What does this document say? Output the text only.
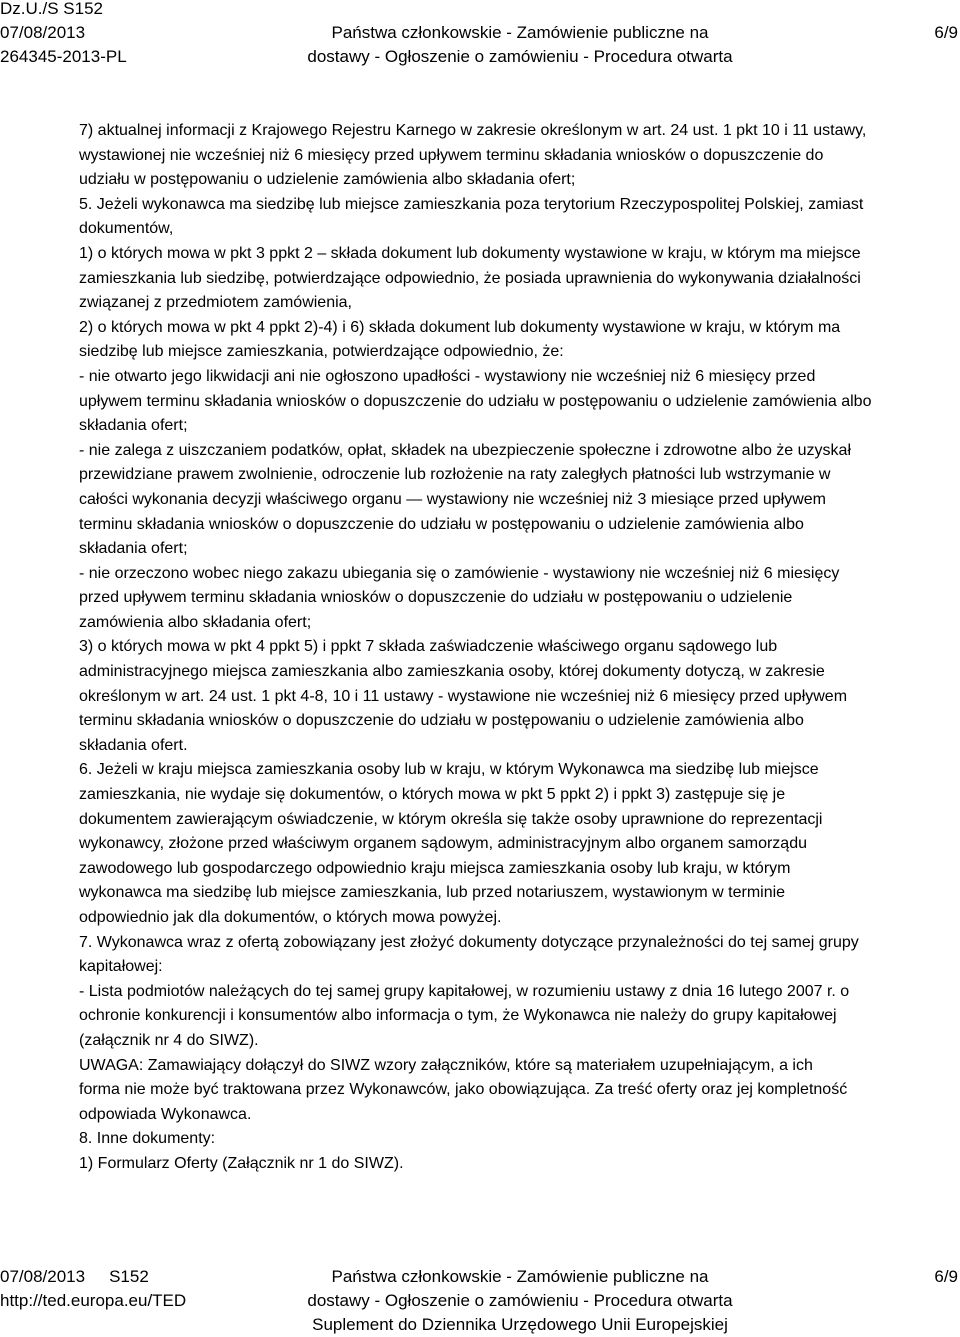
Dz.U./S S152
07/08/2013
264345-2013-PL
Państwa członkowskie - Zamówienie publiczne na
dostawy - Ogłoszenie o zamówieniu - Procedura otwarta
6/9

7) aktualnej informacji z Krajowego Rejestru Karnego w zakresie określonym w art. 24 ust. 1 pkt 10 i 11 ustawy,

wystawionej nie wcześniej niż 6 miesięcy przed upływem terminu składania wniosków o dopuszczenie do

udziału w postępowaniu o udzielenie zamówienia albo składania ofert;

5. Jeżeli wykonawca ma siedzibę lub miejsce zamieszkania poza terytorium Rzeczypospolitej Polskiej, zamiast

dokumentów,

1) o których mowa w pkt 3 ppkt 2 – składa dokument lub dokumenty wystawione w kraju, w którym ma miejsce

zamieszkania lub siedzibę, potwierdzające odpowiednio, że posiada uprawnienia do wykonywania działalności

związanej z przedmiotem zamówienia,

2) o których mowa w pkt 4 ppkt 2)-4) i 6) składa dokument lub dokumenty wystawione w kraju, w którym ma

siedzibę lub miejsce zamieszkania, potwierdzające odpowiednio, że:

- nie otwarto jego likwidacji ani nie ogłoszono upadłości - wystawiony nie wcześniej niż 6 miesięcy przed

upływem terminu składania wniosków o dopuszczenie do udziału w postępowaniu o udzielenie zamówienia albo

składania ofert;

- nie zalega z uiszczaniem podatków, opłat, składek na ubezpieczenie społeczne i zdrowotne albo że uzyskał

przewidziane prawem zwolnienie, odroczenie lub rozłożenie na raty zaległych płatności lub wstrzymanie w

całości wykonania decyzji właściwego organu — wystawiony nie wcześniej niż 3 miesiące przed upływem

terminu składania wniosków o dopuszczenie do udziału w postępowaniu o udzielenie zamówienia albo

składania ofert;

- nie orzeczono wobec niego zakazu ubiegania się o zamówienie - wystawiony nie wcześniej niż 6 miesięcy

przed upływem terminu składania wniosków o dopuszczenie do udziału w postępowaniu o udzielenie

zamówienia albo składania ofert;

3) o których mowa w pkt 4 ppkt 5) i ppkt 7 składa zaświadczenie właściwego organu sądowego lub

administracyjnego miejsca zamieszkania albo zamieszkania osoby, której dokumenty dotyczą, w zakresie

określonym w art. 24 ust. 1 pkt 4-8, 10 i 11 ustawy - wystawione nie wcześniej niż 6 miesięcy przed upływem

terminu składania wniosków o dopuszczenie do udziału w postępowaniu o udzielenie zamówienia albo

składania ofert.

6. Jeżeli w kraju miejsca zamieszkania osoby lub w kraju, w którym Wykonawca ma siedzibę lub miejsce

zamieszkania, nie wydaje się dokumentów, o których mowa w pkt 5 ppkt 2) i ppkt 3) zastępuje się je

dokumentem zawierającym oświadczenie, w którym określa się także osoby uprawnione do reprezentacji

wykonawcy, złożone przed właściwym organem sądowym, administracyjnym albo organem samorządu

zawodowego lub gospodarczego odpowiednio kraju miejsca zamieszkania osoby lub kraju, w którym

wykonawca ma siedzibę lub miejsce zamieszkania, lub przed notariuszem, wystawionym w terminie

odpowiednio jak dla dokumentów, o których mowa powyżej.

7. Wykonawca wraz z ofertą zobowiązany jest złożyć dokumenty dotyczące przynależności do tej samej grupy

kapitałowej:

- Lista podmiotów należących do tej samej grupy kapitałowej, w rozumieniu ustawy z dnia 16 lutego 2007 r. o

ochronie konkurencji i konsumentów albo informacja o tym, że Wykonawca nie należy do grupy kapitałowej

(załącznik nr 4 do SIWZ).

UWAGA: Zamawiający dołączył do SIWZ wzory załączników, które są materiałem uzupełniającym, a ich

forma nie może być traktowana przez Wykonawców, jako obowiązująca. Za treść oferty oraz jej kompletność

odpowiada Wykonawca.

8. Inne dokumenty:

1) Formularz Oferty (Załącznik nr 1 do SIWZ).

07/08/2013 S152
http://ted.europa.eu/TED
Państwa członkowskie - Zamówienie publiczne na
dostawy - Ogłoszenie o zamówieniu - Procedura otwarta
Suplement do Dziennika Urzędowego Unii Europejskiej
6/9
